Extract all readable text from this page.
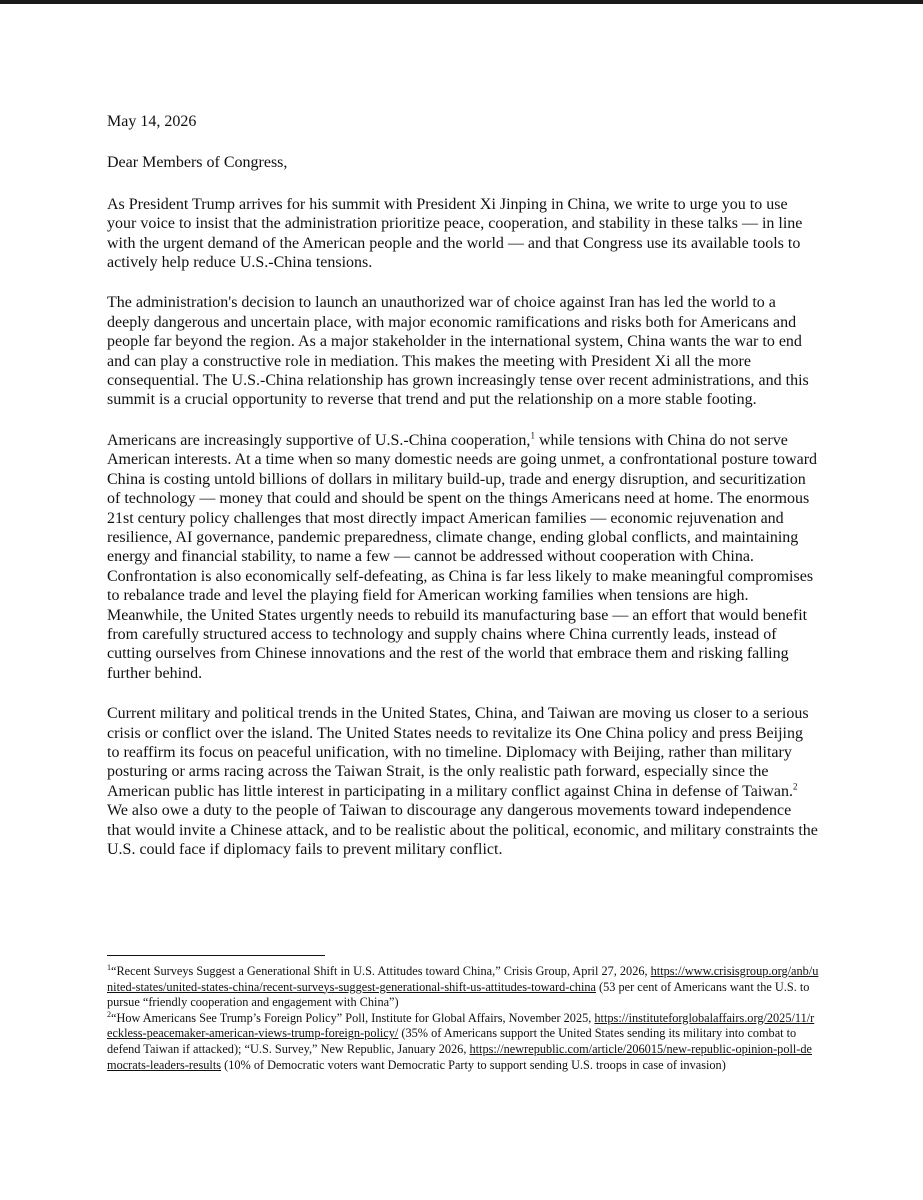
May 14, 2026

Dear Members of Congress,

As President Trump arrives for his summit with President Xi Jinping in China, we write to urge you to use your voice to insist that the administration prioritize peace, cooperation, and stability in these talks — in line with the urgent demand of the American people and the world — and that Congress use its available tools to actively help reduce U.S.-China tensions.

The administration's decision to launch an unauthorized war of choice against Iran has led the world to a deeply dangerous and uncertain place, with major economic ramifications and risks both for Americans and people far beyond the region. As a major stakeholder in the international system, China wants the war to end and can play a constructive role in mediation. This makes the meeting with President Xi all the more consequential. The U.S.-China relationship has grown increasingly tense over recent administrations, and this summit is a crucial opportunity to reverse that trend and put the relationship on a more stable footing.

Americans are increasingly supportive of U.S.-China cooperation,$^1$ while tensions with China do not serve American interests. At a time when so many domestic needs are going unmet, a confrontational posture toward China is costing untold billions of dollars in military build-up, trade and energy disruption, and securitization of technology — money that could and should be spent on the things Americans need at home. The enormous 21st century policy challenges that most directly impact American families — economic rejuvenation and resilience, AI governance, pandemic preparedness, climate change, ending global conflicts, and maintaining energy and financial stability, to name a few — cannot be addressed without cooperation with China. Confrontation is also economically self-defeating, as China is far less likely to make meaningful compromises to rebalance trade and level the playing field for American working families when tensions are high. Meanwhile, the United States urgently needs to rebuild its manufacturing base — an effort that would benefit from carefully structured access to technology and supply chains where China currently leads, instead of cutting ourselves from Chinese innovations and the rest of the world that embrace them and risking falling further behind.

Current military and political trends in the United States, China, and Taiwan are moving us closer to a serious crisis or conflict over the island. The United States needs to revitalize its One China policy and press Beijing to reaffirm its focus on peaceful unification, with no timeline. Diplomacy with Beijing, rather than military posturing or arms racing across the Taiwan Strait, is the only realistic path forward, especially since the American public has little interest in participating in a military conflict against China in defense of Taiwan.$^2$ We also owe a duty to the people of Taiwan to discourage any dangerous movements toward independence that would invite a Chinese attack, and to be realistic about the political, economic, and military constraints the U.S. could face if diplomacy fails to prevent military conflict.

$^1$“Recent Surveys Suggest a Generational Shift in U.S. Attitudes toward China,” Crisis Group, April 27, 2026, https://www.crisisgroup.org/anb/united-states/united-states-china/recent-surveys-suggest-generational-shift-us-attitudes-toward-china (53 per cent of Americans want the U.S. to pursue “friendly cooperation and engagement with China”)

$^2$“How Americans See Trump’s Foreign Policy” Poll, Institute for Global Affairs, November 2025, https://instituteforglobalaffairs.org/2025/11/reckless-peacemaker-american-views-trump-foreign-policy/ (35% of Americans support the United States sending its military into combat to defend Taiwan if attacked); “U.S. Survey,” New Republic, January 2026, https://newrepublic.com/article/206015/new-republic-opinion-poll-democrats-leaders-results (10% of Democratic voters want Democratic Party to support sending U.S. troops in case of invasion)
